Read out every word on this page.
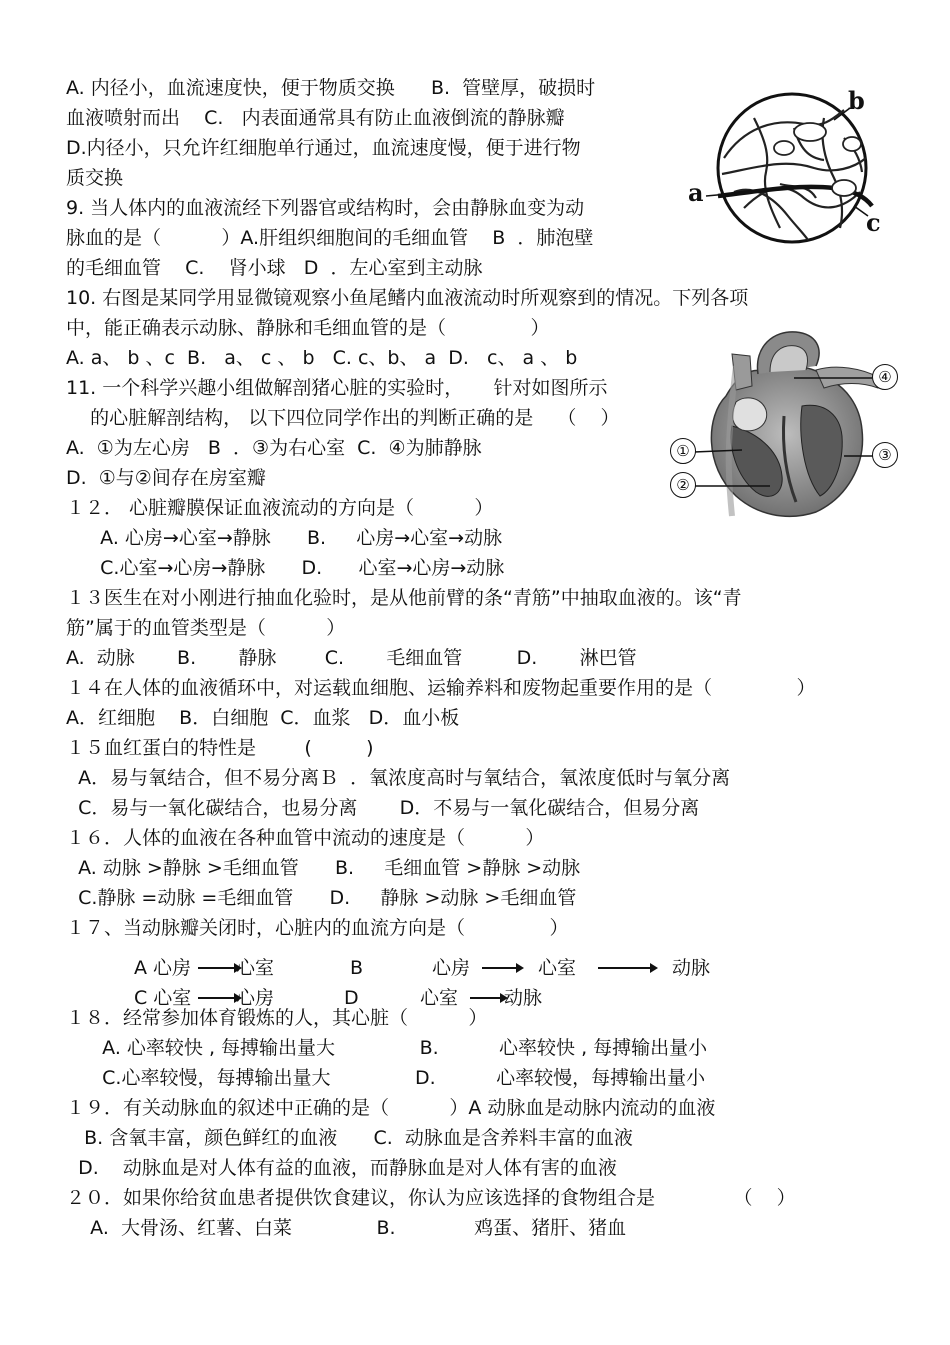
A. 内径小，血流速度快，便于物质交换      B.  管壁厚，破损时
血液喷射而出    C.   内表面通常具有防止血液倒流的静脉瓣
D.内径小，只允许红细胞单行通过，血流速度慢，便于进行物
质交换
9. 当人体内的血液流经下列器官或结构时，会由静脉血变为动
脉血的是（          ）A.肝组织细胞间的毛细血管    B  ．肺泡壁
的毛细血管    C.    肾小球   D  ．左心室到主动脉
10. 右图是某同学用显微镜观察小鱼尾鳍内血液流动时所观察到的情况。下列各项
中，能正确表示动脉、静脉和毛细血管的是（              ）
A. a、 b 、c  B.   a、 c 、 b   C. c、b、 a  D.   c、 a 、 b
11. 一个科学兴趣小组做解剖猪心脏的实验时，     针对如图所示
的心脏解剖结构， 以下四位同学作出的判断正确的是    （    ）
A.  ①为左心房   B  ．③为右心室  C.  ④为肺静脉
D.  ①与②间存在房室瓣
１２． 心脏瓣膜保证血液流动的方向是（          ）
A. 心房→心室→静脉      B.     心房→心室→动脉
C.心室→心房→静脉      D.      心室→心房→动脉
１３医生在对小刚进行抽血化验时，是从他前臂的条“青筋”中抽取血液的。该“青
筋”属于的血管类型是（          ）
A.  动脉       B.       静脉        C.       毛细血管         D.       淋巴管
１４在人体的血液循环中，对运载血细胞、运输养料和废物起重要作用的是（              ）
A．红细胞    B．白细胞  C．血浆   D．血小板
１５血红蛋白的特性是        (         )
A．易与氧结合，但不易分离Ｂ  ．氧浓度高时与氧结合，氧浓度低时与氧分离
C．易与一氧化碳结合，也易分离       D．不易与一氧化碳结合，但易分离
１６．人体的血液在各种血管中流动的速度是（          ）
A. 动脉 >静脉 >毛细血管      B.     毛细血管 >静脉 >动脉
C.静脉 =动脉 =毛细血管      D.     静脉 >动脉 >毛细血管
１７、当动脉瓣关闭时，心脏内的血流方向是（              ）
１８．经常参加体育锻炼的人，其心脏（          ）
A. 心率较快 , 每搏输出量大              B.          心率较快 , 每搏输出量小
C.心率较慢，每搏输出量大              D.          心率较慢，每搏输出量小
１９．有关动脉血的叙述中正确的是（          ）A 动脉血是动脉内流动的血液
B. 含氧丰富，颜色鲜红的血液      C.  动脉血是含养料丰富的血液
D.    动脉血是对人体有益的血液，而静脉血是对人体有害的血液
２０．如果你给贫血患者提供饮食建议，你认为应该选择的食物组合是             （    ）
A.  大骨汤、红薯、白菜              B.             鸡蛋、猪肝、猪血
A 心房 心室	B	心房	心室	动脉
C 心室 心房	D	心室 动脉
b
a
c
①
②
③
④
